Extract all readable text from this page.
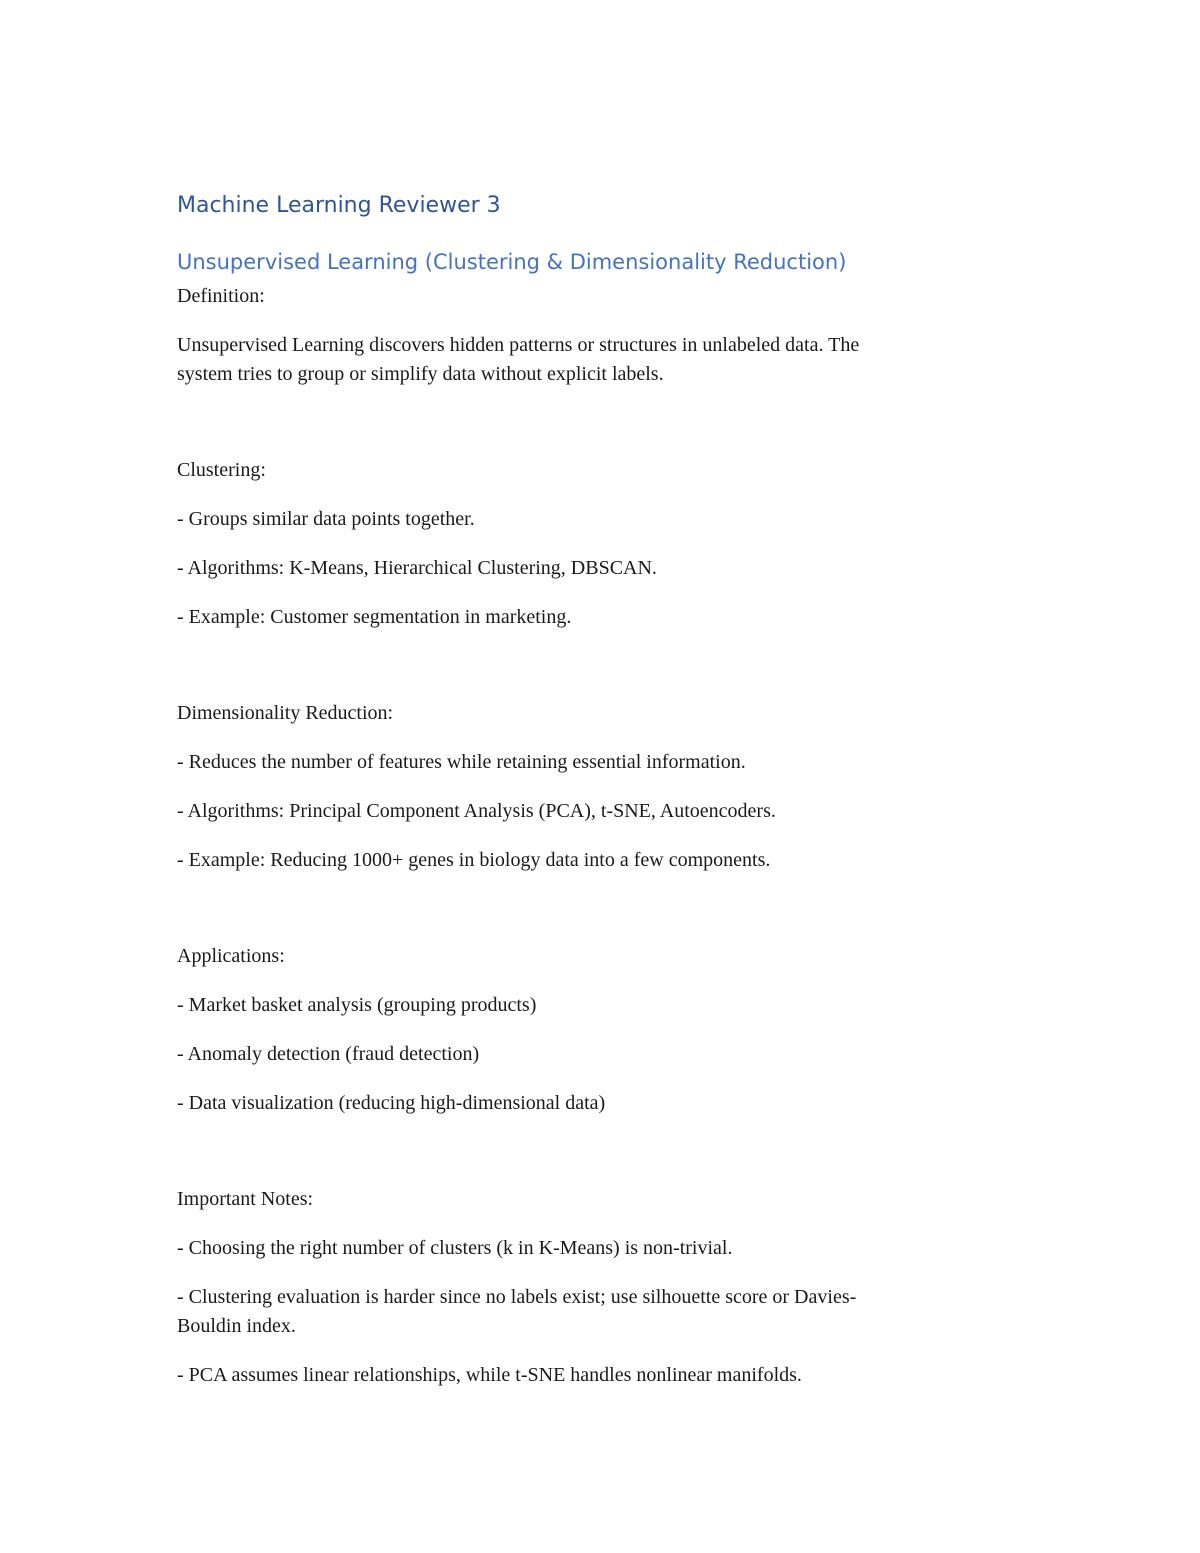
Machine Learning Reviewer 3
Unsupervised Learning (Clustering & Dimensionality Reduction)

Definition:

Unsupervised Learning discovers hidden patterns or structures in unlabeled data. The

system tries to group or simplify data without explicit labels.

Clustering:

- Groups similar data points together.

- Algorithms: K-Means, Hierarchical Clustering, DBSCAN.

- Example: Customer segmentation in marketing.

Dimensionality Reduction:

- Reduces the number of features while retaining essential information.

- Algorithms: Principal Component Analysis (PCA), t-SNE, Autoencoders.

- Example: Reducing 1000+ genes in biology data into a few components.

Applications:

- Market basket analysis (grouping products)

- Anomaly detection (fraud detection)

- Data visualization (reducing high-dimensional data)

Important Notes:

- Choosing the right number of clusters (k in K-Means) is non-trivial.

- Clustering evaluation is harder since no labels exist; use silhouette score or Davies-

Bouldin index.

- PCA assumes linear relationships, while t-SNE handles nonlinear manifolds.
